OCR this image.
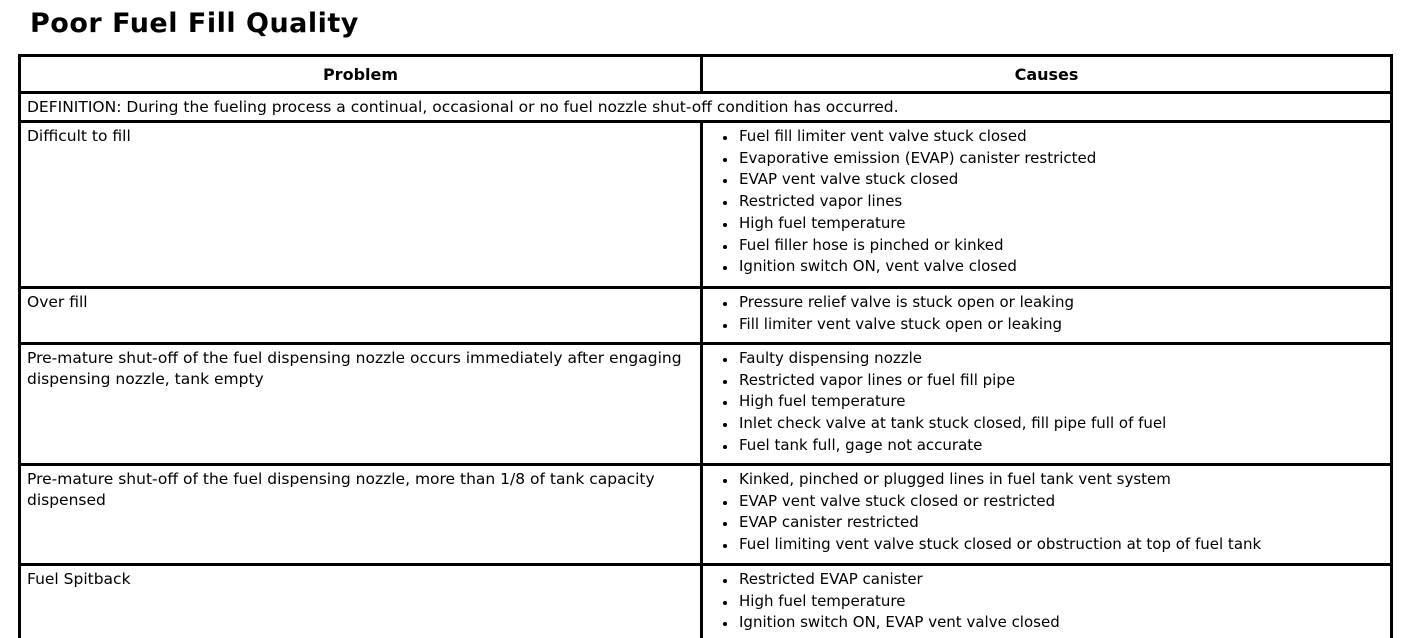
Poor Fuel Fill Quality
Problem	Causes
DEFINITION: During the fueling process a continual, occasional or no fuel nozzle shut-off condition has occurred.	
Difficult to fill	
•Fuel fill limiter vent valve stuck closed
• Evaporative emission (EVAP) canister restricted
• EVAP vent valve stuck closed
• Restricted vapor lines
• High fuel temperature
• Fuel filler hose is pinched or kinked
• Ignition switch ON, vent valve closed

Over fill	
•Pressure relief valve is stuck open or leaking
• Fill limiter vent valve stuck open or leaking

Pre-mature shut-off of the fuel dispensing nozzle occurs immediately after engaging dispensing nozzle, tank empty	
• Faulty dispensing nozzle
• Restricted vapor lines or fuel fill pipe
• High fuel temperature
• Inlet check valve at tank stuck closed, fill pipe full of fuel
• Fuel tank full, gage not accurate

Pre-mature shut-off of the fuel dispensing nozzle, more than 1/8 of tank capacity dispensed	
• Kinked, pinched or plugged lines in fuel tank vent system
• EVAP vent valve stuck closed or restricted
• EVAP canister restricted
• Fuel limiting vent valve stuck closed or obstruction at top of fuel tank

Fuel Spitback	
•Restricted EVAP canister
• High fuel temperature
• Ignition switch ON, EVAP vent valve closed
